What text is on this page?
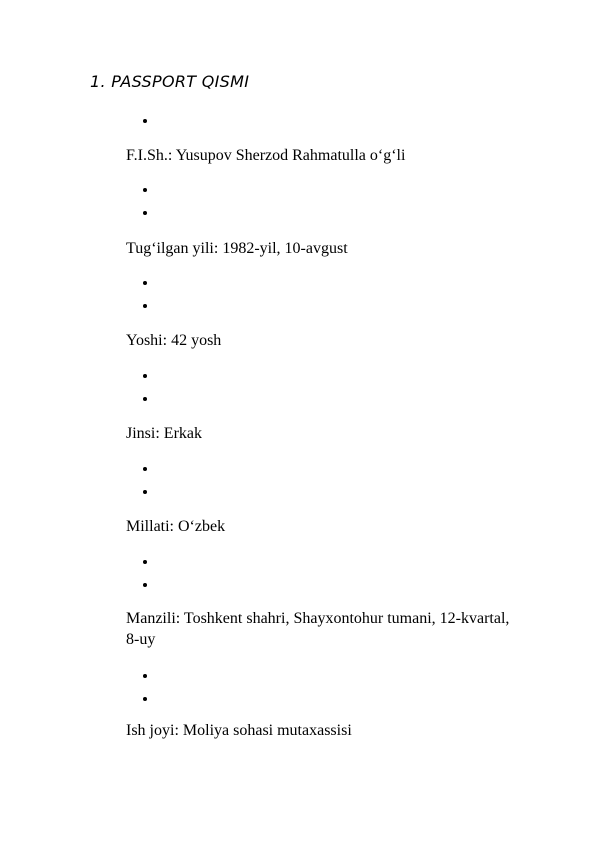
1. PASSPORT QISMI
F.I.Sh.: Yusupov Sherzod Rahmatulla o‘g‘li
Tug‘ilgan yili: 1982-yil, 10-avgust
Yoshi: 42 yosh
Jinsi: Erkak
Millati: O‘zbek
Manzili: Toshkent shahri, Shayxontohur tumani, 12-kvartal, 8-uy
Ish joyi: Moliya sohasi mutaxassisi
